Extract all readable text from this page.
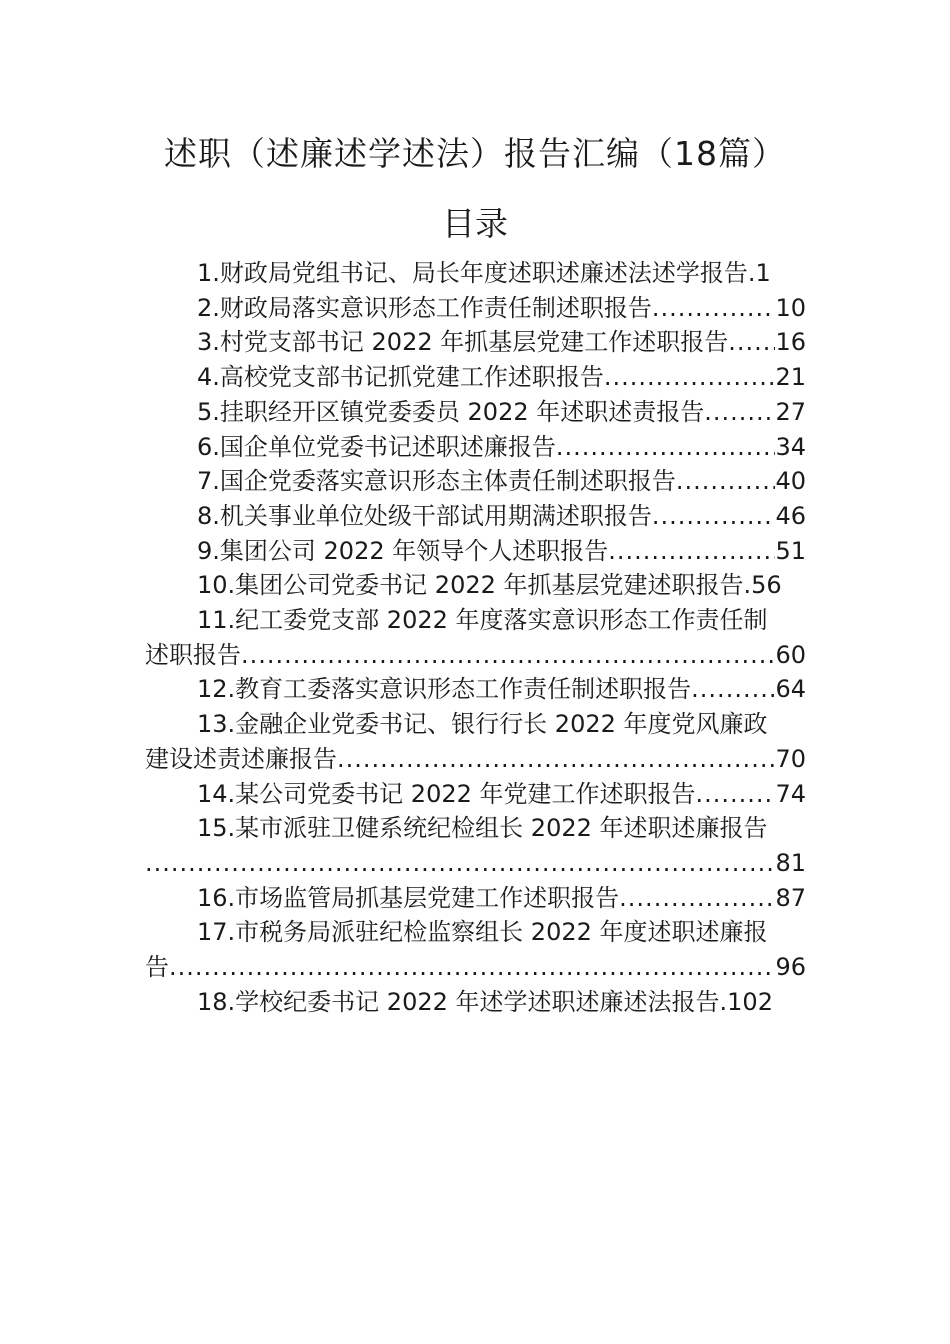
述职（述廉述学述法）报告汇编（18篇）
目录
1.财政局党组书记、局长年度述职述廉述法述学报告 . 1
2.财政局落实意识形态工作责任制述职报告 .....	10
3.村党支部书记 2022 年抓基层党建工作述职报告 ..... 16
4.高校党支部书记抓党建工作述职报告 .....	21
5.挂职经开区镇党委委员 2022 年述职述责报告 .....	27
6.国企单位党委书记述职述廉报告 .....	34
7.国企党委落实意识形态主体责任制述职报告 .....	40
8.机关事业单位处级干部试用期满述职报告 .....	46
9.集团公司 2022 年领导个人述职报告 .....	51
10.集团公司党委书记 2022 年抓基层党建述职报告 . 56
11.纪工委党支部 2022 年度落实意识形态工作责任制
述职报告 .....	60
12.教育工委落实意识形态工作责任制述职报告 .....	64
13.金融企业党委书记、银行行长 2022 年度党风廉政
建设述责述廉报告 .....	70
14.某公司党委书记 2022 年党建工作述职报告 .....	74
15.某市派驻卫健系统纪检组长 2022 年述职述廉报告
.....
81
16.市场监管局抓基层党建工作述职报告 .....	87
17.市税务局派驻纪检监察组长 2022 年度述职述廉报
告 .....	96
18.学校纪委书记 2022 年述学述职述廉述法报告 . 102
